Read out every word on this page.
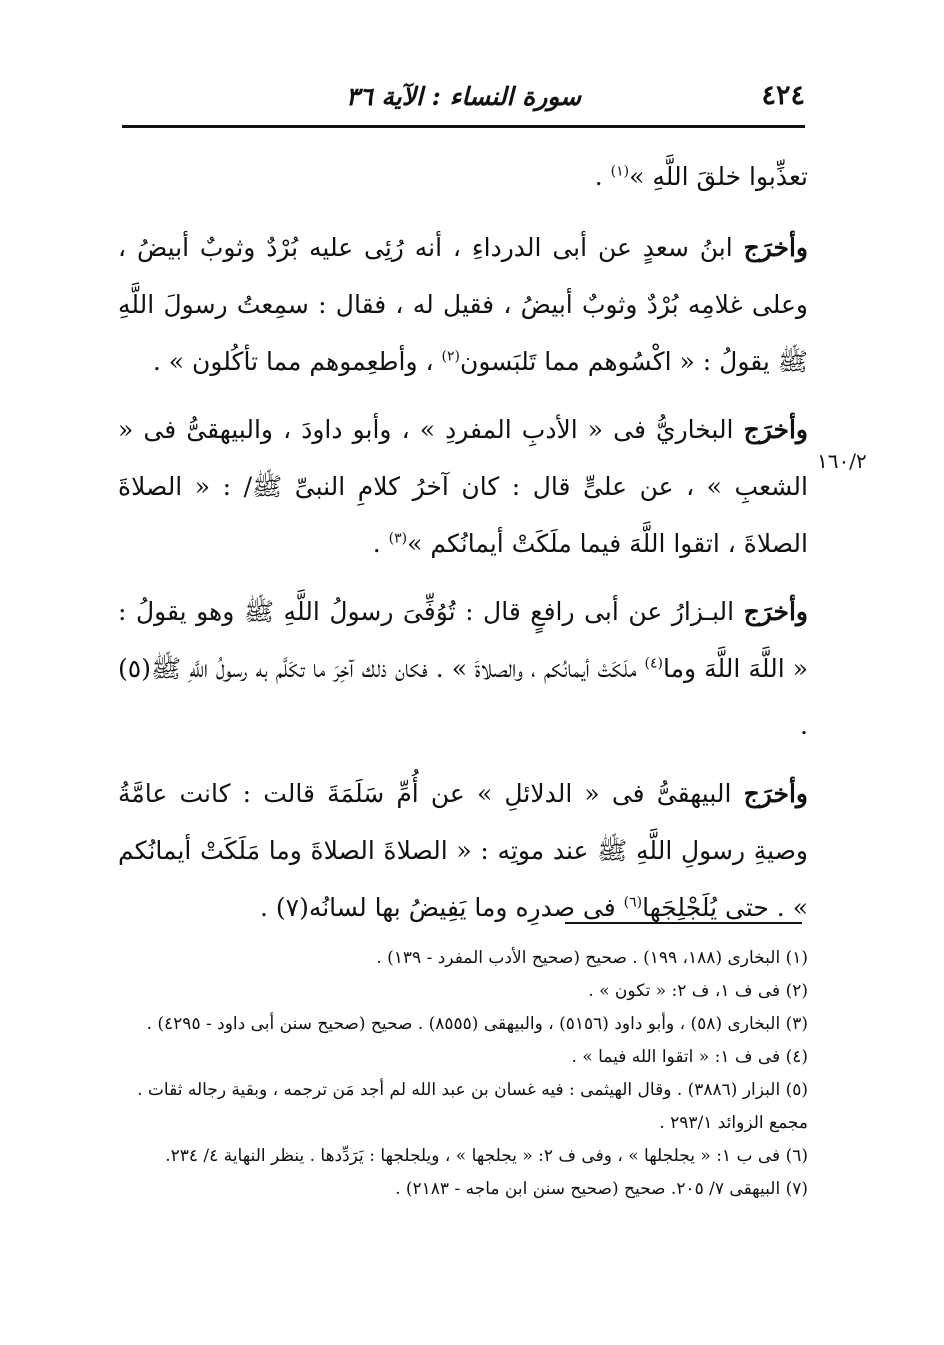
٤٢٤
سورة النساء : الآية ٣٦
١٦٠/٢

تعذِّبوا خلقَ اللَّهِ »$^{(١)}$ .

وأخرَج ابنُ سعدٍ عن أبى الدرداءِ ، أنه رُئِى عليه بُرْدٌ وثوبٌ أبيضُ ، وعلى غلامِه بُرْدٌ وثوبٌ أبيضُ ، فقيل له ، فقال : سمِعتُ رسولَ اللَّهِ ﷺ يقولُ : « اكْسُوهم مما تَلبَسون$^{(٢)}$ ، وأطعِموهم مما تأكُلون » .

وأخرَج البخاريُّ فى « الأدبِ المفردِ » ، وأبو داودَ ، والبيهقىُّ فى « الشعبِ » ، عن علىٍّ قال : كان آخرُ كلامِ النبىِّ ﷺ/ : « الصلاةَ الصلاةَ ، اتقوا اللَّهَ فيما ملَكَتْ أيمانُكم »$^{(٣)}$ .

وأخرَج البـزارُ عن أبى رافعٍ قال : تُوُفِّىَ رسولُ اللَّهِ ﷺ وهو يقولُ : « اللَّهَ اللَّهَ وما$^{(٤)}$ ملَكَتْ أيمانُكم ، والصلاةَ » . فكان ذلك آخِرَ ما تكَلَّم به رسولُ اللَّهِ ﷺ(٥) .

وأخرَج البيهقىُّ فى « الدلائلِ » عن أُمِّ سَلَمَةَ قالت : كانت عامَّةُ وصيةِ رسولِ اللَّهِ ﷺ عند موتِه : « الصلاةَ الصلاةَ وما مَلَكَتْ أيمانُكم » . حتى يُلَجْلِجَها$^{(٦)}$ فى صدرِه وما يَفِيضُ بها لسانُه(٧) .

(١) البخارى (١٨٨، ١٩٩) . صحيح (صحيح الأدب المفرد - ١٣٩) .

(٢) فى ف ١، ف ٢: « تكون » .

(٣) البخارى (٥٨) ، وأبو داود (٥١٥٦) ، والبيهقى (٨٥٥٥) . صحيح (صحيح سنن أبى داود - ٤٢٩٥) .

(٤) فى ف ١: « اتقوا الله فيما » .

(٥) البزار (٣٨٨٦) . وقال الهيثمى : فيه غسان بن عبد الله لم أجد مَن ترجمه ، وبقية رجاله ثقات . مجمع الزوائد ٢٩٣/١ .

(٦) فى ب ١: « يجلجلها » ، وفى ف ٢: « يجلجها » ، ويلجلجها : يَرَدِّدها . ينظر النهاية ٤/ ٢٣٤.

(٧) البيهقى ٧/ ٢٠٥. صحيح (صحيح سنن ابن ماجه - ٢١٨٣) .
